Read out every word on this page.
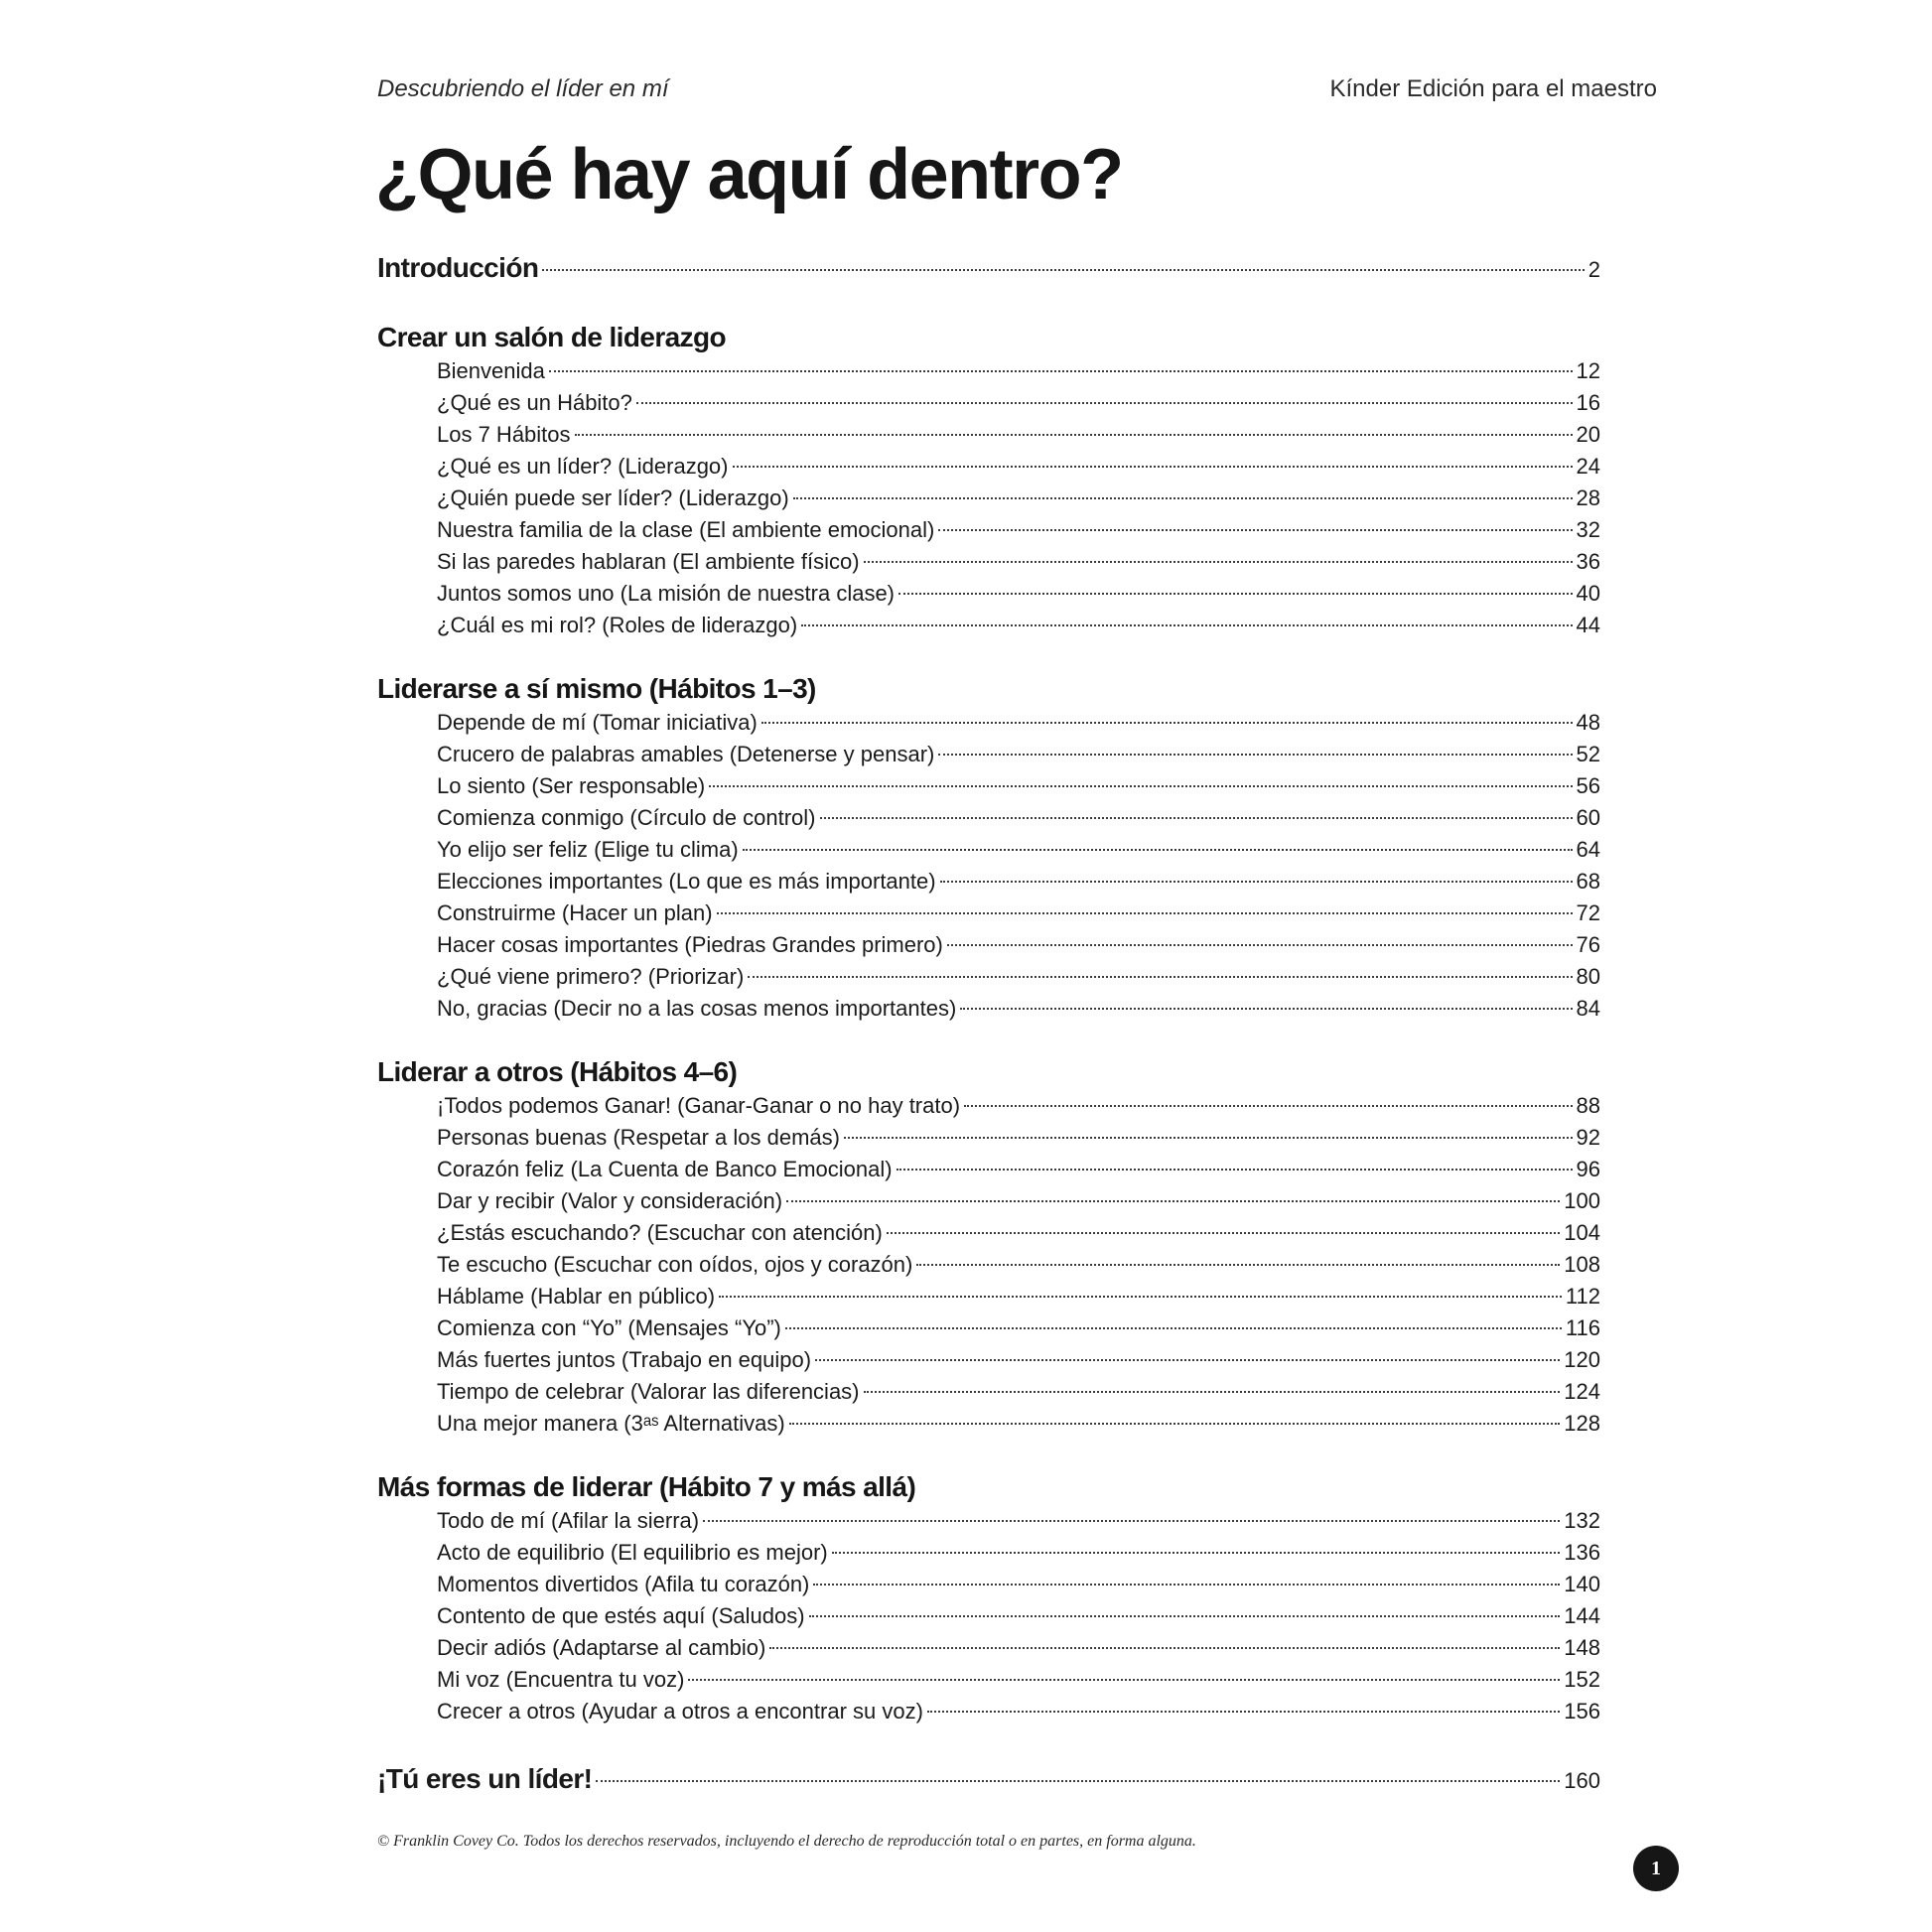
Descubriendo el líder en mí	Kínder Edición para el maestro
¿Qué hay aquí dentro?
Introducción	2
Crear un salón de liderazgo
Bienvenida	12
¿Qué es un Hábito?	16
Los 7 Hábitos	20
¿Qué es un líder? (Liderazgo)	24
¿Quién puede ser líder? (Liderazgo)	28
Nuestra familia de la clase (El ambiente emocional)	32
Si las paredes hablaran (El ambiente físico)	36
Juntos somos uno (La misión de nuestra clase)	40
¿Cuál es mi rol? (Roles de liderazgo)	44
Liderarse a sí mismo (Hábitos 1–3)
Depende de mí (Tomar iniciativa)	48
Crucero de palabras amables (Detenerse y pensar)	52
Lo siento (Ser responsable)	56
Comienza conmigo (Círculo de control)	60
Yo elijo ser feliz (Elige tu clima)	64
Elecciones importantes (Lo que es más importante)	68
Construirme (Hacer un plan)	72
Hacer cosas importantes (Piedras Grandes primero)	76
¿Qué viene primero? (Priorizar)	80
No, gracias (Decir no a las cosas menos importantes)	84
Liderar a otros (Hábitos 4–6)
¡Todos podemos Ganar! (Ganar-Ganar o no hay trato)	88
Personas buenas (Respetar a los demás)	92
Corazón feliz (La Cuenta de Banco Emocional)	96
Dar y recibir (Valor y consideración)	100
¿Estás escuchando? (Escuchar con atención)	104
Te escucho (Escuchar con oídos, ojos y corazón)	108
Háblame (Hablar en público)	112
Comienza con “Yo” (Mensajes “Yo”)	116
Más fuertes juntos (Trabajo en equipo)	120
Tiempo de celebrar (Valorar las diferencias)	124
Una mejor manera (3ᵃˢ Alternativas)	128
Más formas de liderar (Hábito 7 y más allá)
Todo de mí (Afilar la sierra)	132
Acto de equilibrio (El equilibrio es mejor)	136
Momentos divertidos (Afila tu corazón)	140
Contento de que estés aquí (Saludos)	144
Decir adiós (Adaptarse al cambio)	148
Mi voz (Encuentra tu voz)	152
Crecer a otros (Ayudar a otros a encontrar su voz)	156
¡Tú eres un líder!	160
© Franklin Covey Co. Todos los derechos reservados, incluyendo el derecho de reproducción total o en partes, en forma alguna.
1
